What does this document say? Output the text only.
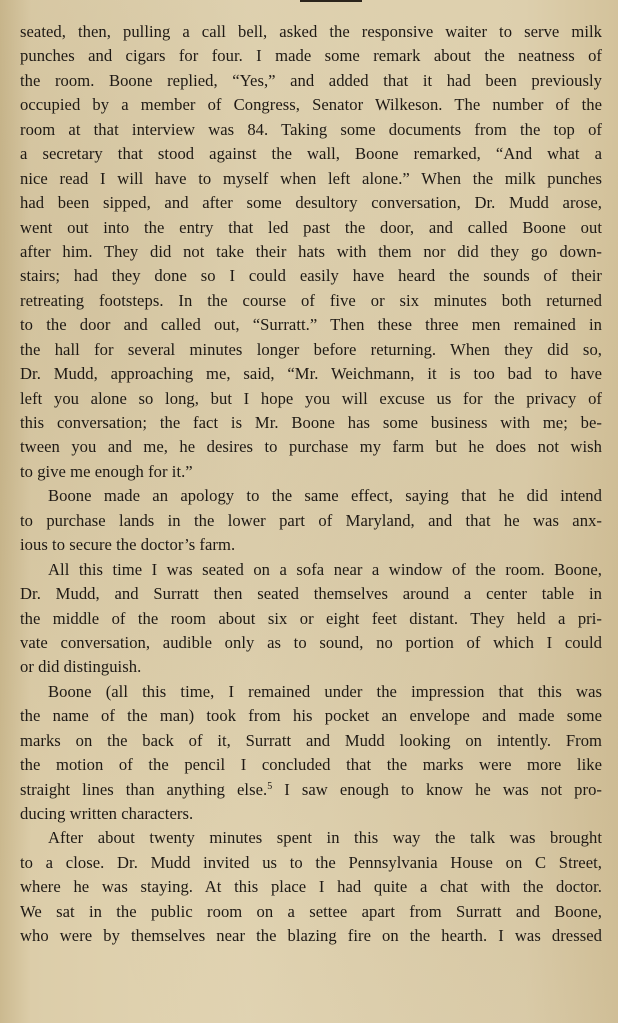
seated, then, pulling a call bell, asked the responsive waiter to serve milk
punches and cigars for four. I made some remark about the neatness of
the room. Boone replied, “Yes,” and added that it had been previously
occupied by a member of Congress, Senator Wilkeson. The number of the
room at that interview was 84. Taking some documents from the top of
a secretary that stood against the wall, Boone remarked, “And what a
nice read I will have to myself when left alone.” When the milk punches
had been sipped, and after some desultory conversation, Dr. Mudd arose,
went out into the entry that led past the door, and called Boone out
after him. They did not take their hats with them nor did they go down-
stairs; had they done so I could easily have heard the sounds of their
retreating footsteps. In the course of five or six minutes both returned
to the door and called out, “Surratt.” Then these three men remained in
the hall for several minutes longer before returning. When they did so,
Dr. Mudd, approaching me, said, “Mr. Weichmann, it is too bad to have
left you alone so long, but I hope you will excuse us for the privacy of
this conversation; the fact is Mr. Boone has some business with me; be-
tween you and me, he desires to purchase my farm but he does not wish
to give me enough for it.”
Boone made an apology to the same effect, saying that he did intend
to purchase lands in the lower part of Maryland, and that he was anx-
ious to secure the doctor’s farm.
All this time I was seated on a sofa near a window of the room. Boone,
Dr. Mudd, and Surratt then seated themselves around a center table in
the middle of the room about six or eight feet distant. They held a pri-
vate conversation, audible only as to sound, no portion of which I could
or did distinguish.
Boone (all this time, I remained under the impression that this was
the name of the man) took from his pocket an envelope and made some
marks on the back of it, Surratt and Mudd looking on intently. From
the motion of the pencil I concluded that the marks were more like
straight lines than anything else.$^5$ I saw enough to know he was not pro-
ducing written characters.
After about twenty minutes spent in this way the talk was brought
to a close. Dr. Mudd invited us to the Pennsylvania House on C Street,
where he was staying. At this place I had quite a chat with the doctor.
We sat in the public room on a settee apart from Surratt and Boone,
who were by themselves near the blazing fire on the hearth. I was dressed
